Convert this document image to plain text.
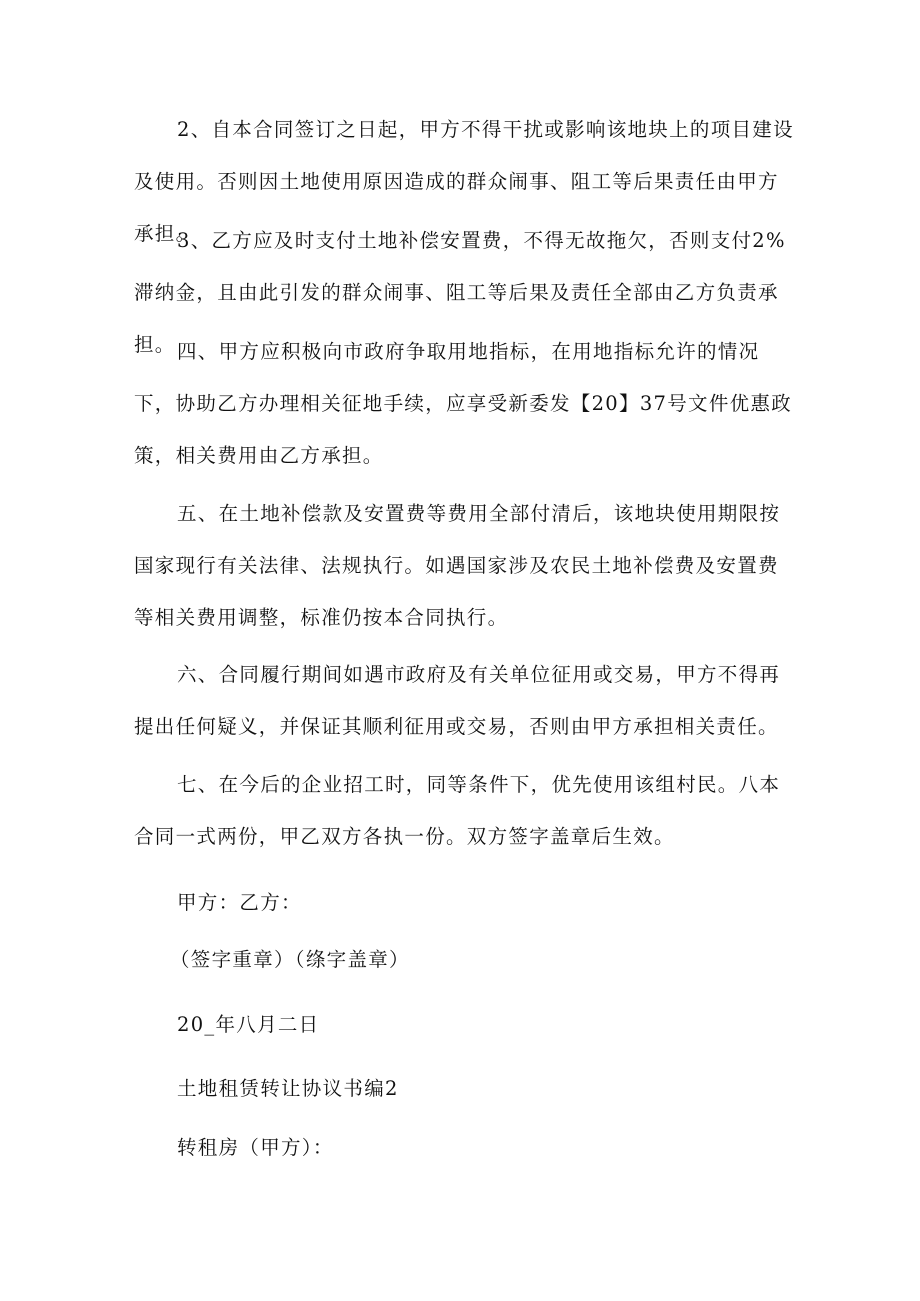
2、自本合同签订之日起，甲方不得干扰或影响该地块上的项目建设及使用。否则因土地使用原因造成的群众闹事、阻工等后果责任由甲方承担。

3、乙方应及时支付土地补偿安置费，不得无故拖欠，否则支付2%滞纳金，且由此引发的群众闹事、阻工等后果及责任全部由乙方负责承担。 四、甲方应积极向市政府争取用地指标，在用地指标允许的情况下，协助乙方办理相关征地手续，应享受新委发【20】37号文件优惠政策，相关费用由乙方承担。

五、在土地补偿款及安置费等费用全部付清后，该地块使用期限按国家现行有关法律、法规执行。如遇国家涉及农民土地补偿费及安置费等相关费用调整，标准仍按本合同执行。

六、合同履行期间如遇市政府及有关单位征用或交易，甲方不得再提出任何疑义，并保证其顺利征用或交易，否则由甲方承担相关责任。

七、在今后的企业招工时，同等条件下，优先使用该组村民。八本合同一式两份，甲乙双方各执一份。双方签字盖章后生效。

甲方：乙方：

（签字重章）（绦字盖章）

20_年八月二日

土地租赁转让协议书编2

转租房（甲方）：
